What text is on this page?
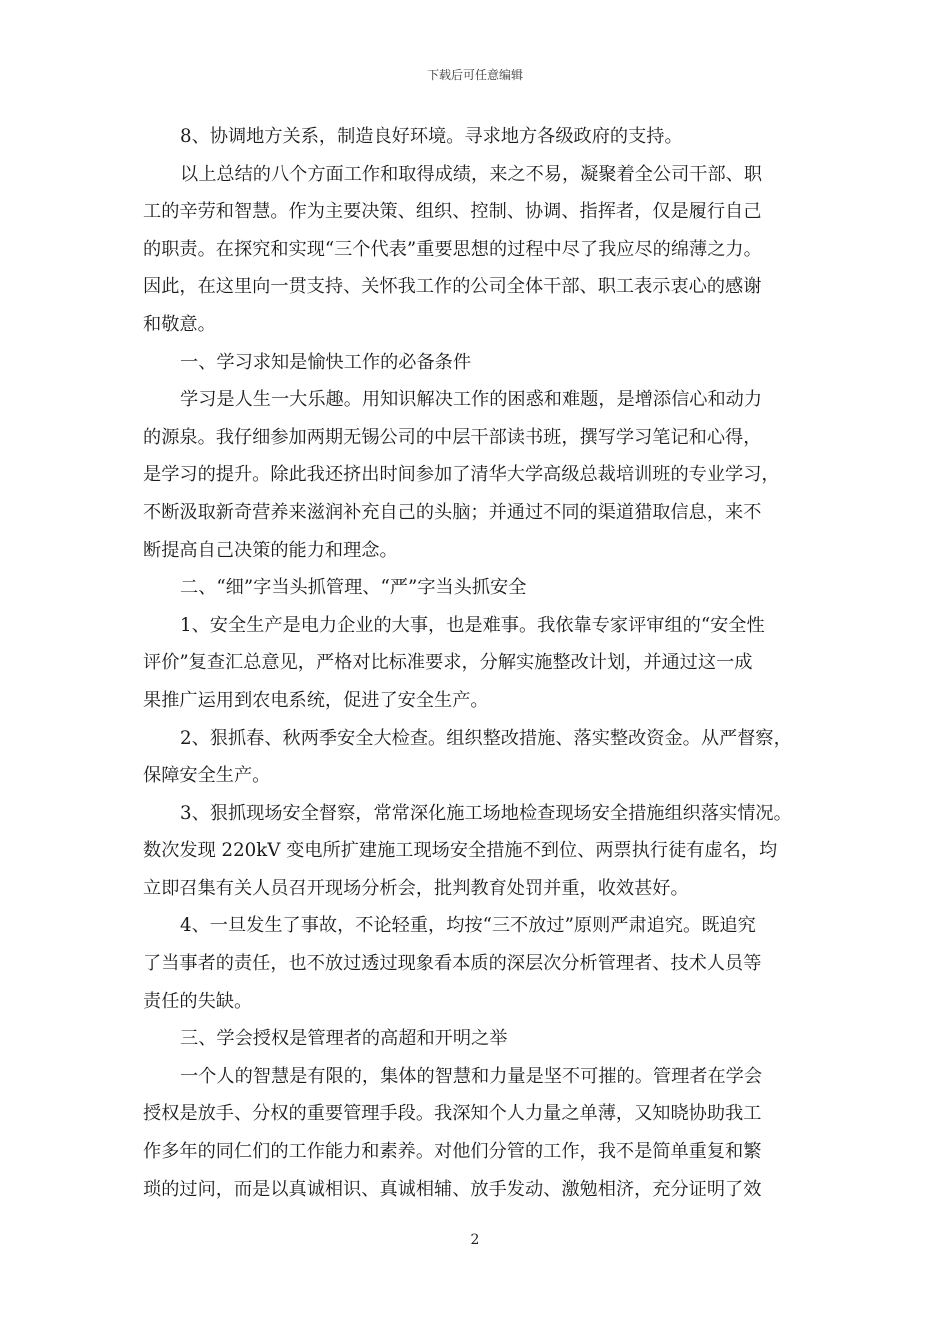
下载后可任意编辑
8、协调地方关系，制造良好环境。寻求地方各级政府的支持。
以上总结的八个方面工作和取得成绩，来之不易，凝聚着全公司干部、职
工的辛劳和智慧。作为主要决策、组织、控制、协调、指挥者，仅是履行自己
的职责。在探究和实现“三个代表”重要思想的过程中尽了我应尽的绵薄之力。
因此，在这里向一贯支持、关怀我工作的公司全体干部、职工表示衷心的感谢
和敬意。
一、学习求知是愉快工作的必备条件
学习是人生一大乐趣。用知识解决工作的困惑和难题，是增添信心和动力
的源泉。我仔细参加两期无锡公司的中层干部读书班，撰写学习笔记和心得，
是学习的提升。除此我还挤出时间参加了清华大学高级总裁培训班的专业学习，
不断汲取新奇营养来滋润补充自己的头脑；并通过不同的渠道猎取信息，来不
断提高自己决策的能力和理念。
二、“细”字当头抓管理、“严”字当头抓安全
1、安全生产是电力企业的大事，也是难事。我依靠专家评审组的“安全性
评价”复查汇总意见，严格对比标准要求，分解实施整改计划，并通过这一成
果推广运用到农电系统，促进了安全生产。
2、狠抓春、秋两季安全大检查。组织整改措施、落实整改资金。从严督察，
保障安全生产。
3、狠抓现场安全督察，常常深化施工场地检查现场安全措施组织落实情况。
数次发现 220kV 变电所扩建施工现场安全措施不到位、两票执行徒有虚名，均
立即召集有关人员召开现场分析会，批判教育处罚并重，收效甚好。
4、一旦发生了事故，不论轻重，均按“三不放过”原则严肃追究。既追究
了当事者的责任，也不放过透过现象看本质的深层次分析管理者、技术人员等
责任的失缺。
三、学会授权是管理者的高超和开明之举
一个人的智慧是有限的，集体的智慧和力量是坚不可摧的。管理者在学会
授权是放手、分权的重要管理手段。我深知个人力量之单薄，又知晓协助我工
作多年的同仁们的工作能力和素养。对他们分管的工作，我不是简单重复和繁
琐的过问，而是以真诚相识、真诚相辅、放手发动、激勉相济，充分证明了效
2
